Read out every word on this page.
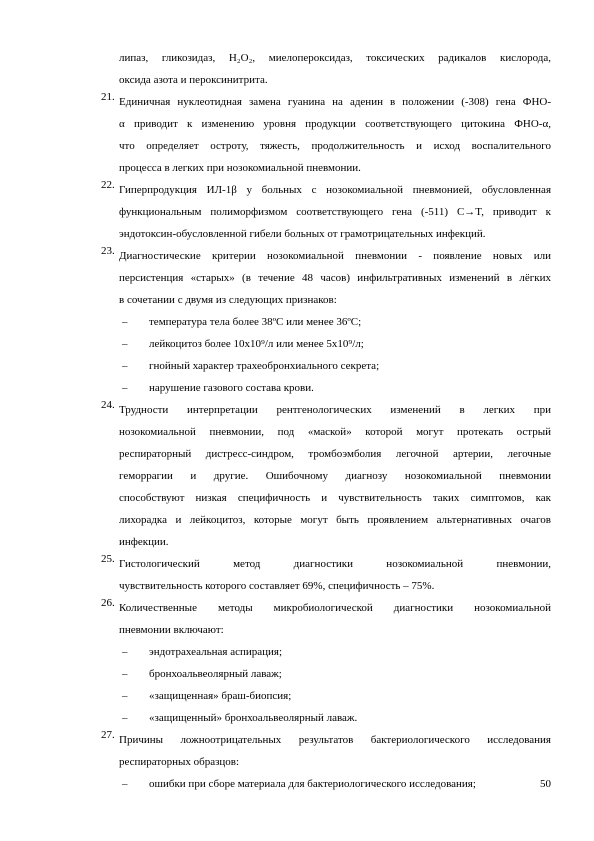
липаз, гликозидаз, H₂O₂, миелопероксидаз, токсических радикалов кислорода,
оксида азота и пероксинитрита.
21. Единичная нуклеотидная замена гуанина на аденин в положении (-308) гена ФНО-
α приводит к изменению уровня продукции соответствующего цитокина ФНО-α,
что определяет остроту, тяжесть, продолжительность и исход воспалительного
процесса в легких при нозокомиальной пневмонии.
22. Гиперпродукция ИЛ-1β у больных с нозокомиальной пневмонией, обусловленная
функциональным полиморфизмом соответствующего гена (-511) C→T, приводит к
эндотоксин-обусловленной гибели больных от грамотрицательных инфекций.
23. Диагностические критерии нозокомиальной пневмонии - появление новых или
персистенция «старых» (в течение 48 часов) инфильтративных изменений в лёгких
в сочетании с двумя из следующих признаков:
– температура тела более 38ºC или менее 36ºC;
– лейкоцитоз более 10x10⁹/л или менее 5x10⁹/л;
– гнойный характер трахеобронхиального секрета;
– нарушение газового состава крови.
24. Трудности интерпретации рентгенологических изменений в легких при
нозокомиальной пневмонии, под «маской» которой могут протекать острый
респираторный дистресс-синдром, тромбоэмболия легочной артерии, легочные
геморрагии и другие. Ошибочному диагнозу нозокомиальной пневмонии
способствуют низкая специфичность и чувствительность таких симптомов, как
лихорадка и лейкоцитоз, которые могут быть проявлением альтернативных очагов
инфекции.
25. Гистологический метод диагностики нозокомиальной пневмонии,
чувствительность которого составляет 69%, специфичность – 75%.
26. Количественные методы микробиологической диагностики нозокомиальной
пневмонии включают:
– эндотрахеальная аспирация;
– бронхоальвеолярный лаваж;
– «защищенная» браш-биопсия;
– «защищенный» бронхоальвеолярный лаваж.
27. Причины ложноотрицательных результатов бактериологического исследования
респираторных образцов:
– ошибки при сборе материала для бактериологического исследования;	50
